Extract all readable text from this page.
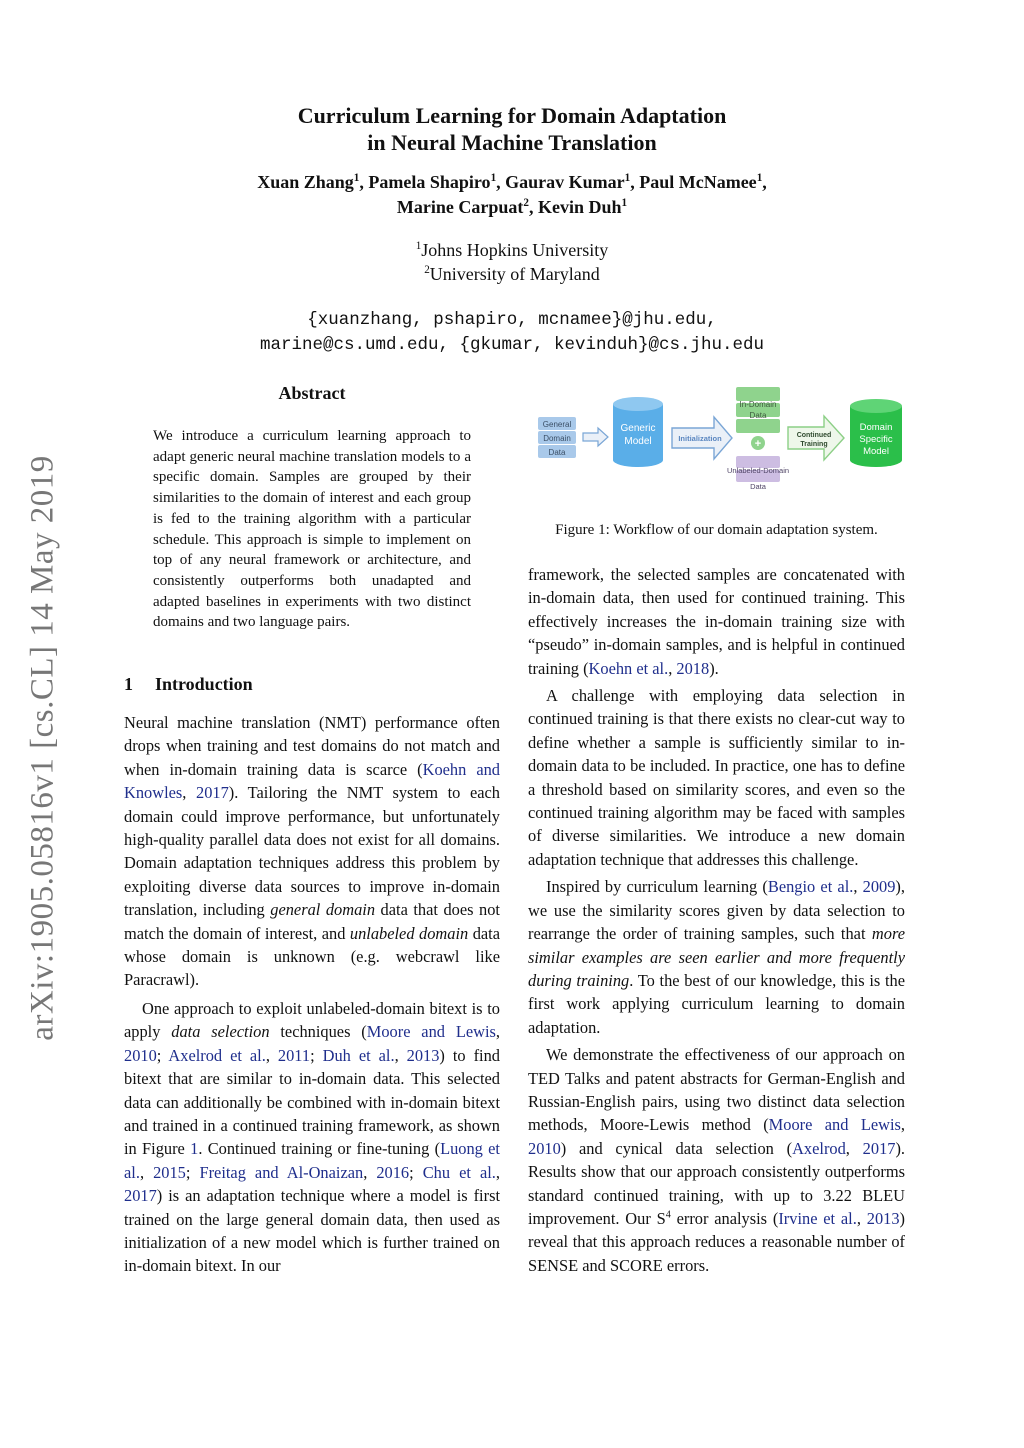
Curriculum Learning for Domain Adaptation
in Neural Machine Translation
Xuan Zhang$^1$, Pamela Shapiro$^1$, Gaurav Kumar$^1$, Paul McNamee$^1$,
Marine Carpuat$^2$, Kevin Duh$^1$
$^1$Johns Hopkins University
$^2$University of Maryland
{xuanzhang, pshapiro, mcnamee}@jhu.edu,
marine@cs.umd.edu, {gkumar, kevinduh}@cs.jhu.edu
arXiv:1905.05816v1 [cs.CL] 14 May 2019
Abstract
We introduce a curriculum learning approach to adapt generic neural machine translation models to a specific domain. Samples are grouped by their similarities to the domain of interest and each group is fed to the training algorithm with a particular schedule. This approach is simple to implement on top of any neural framework or architecture, and consistently outperforms both unadapted and adapted baselines in experiments with two distinct domains and two language pairs.
1 Introduction

Neural machine translation (NMT) performance often drops when training and test domains do not match and when in-domain training data is scarce (Koehn and Knowles, 2017). Tailoring the NMT system to each domain could improve performance, but unfortunately high-quality parallel data does not exist for all domains. Domain adaptation techniques address this problem by exploiting diverse data sources to improve in-domain translation, including general domain data that does not match the domain of interest, and unlabeled domain data whose domain is unknown (e.g. webcrawl like Paracrawl).

One approach to exploit unlabeled-domain bitext is to apply data selection techniques (Moore and Lewis, 2010; Axelrod et al., 2011; Duh et al., 2013) to find bitext that are similar to in-domain data. This selected data can additionally be combined with in-domain bitext and trained in a continued training framework, as shown in Figure 1. Continued training or fine-tuning (Luong et al., 2015; Freitag and Al-Onaizan, 2016; Chu et al., 2017) is an adaptation technique where a model is first trained on the large general domain data, then used as initialization of a new model which is further trained on in-domain bitext. In our

General
Domain
Data
Generic
Model	Initialization
In-Domain
Data
+
Unlabeled-Domain
Data
Continued
Training
Domain
Specific
Model
Figure 1: Workflow of our domain adaptation system.

framework, the selected samples are concatenated with in-domain data, then used for continued training. This effectively increases the in-domain training size with “pseudo” in-domain samples, and is helpful in continued training (Koehn et al., 2018).

A challenge with employing data selection in continued training is that there exists no clear-cut way to define whether a sample is sufficiently similar to in-domain data to be included. In practice, one has to define a threshold based on similarity scores, and even so the continued training algorithm may be faced with samples of diverse similarities. We introduce a new domain adaptation technique that addresses this challenge.

Inspired by curriculum learning (Bengio et al., 2009), we use the similarity scores given by data selection to rearrange the order of training samples, such that more similar examples are seen earlier and more frequently during training. To the best of our knowledge, this is the first work applying curriculum learning to domain adaptation.

We demonstrate the effectiveness of our approach on TED Talks and patent abstracts for German-English and Russian-English pairs, using two distinct data selection methods, Moore-Lewis method (Moore and Lewis, 2010) and cynical data selection (Axelrod, 2017). Results show that our approach consistently outperforms standard continued training, with up to 3.22 BLEU improvement. Our $S^4$ error analysis (Irvine et al., 2013) reveal that this approach reduces a reasonable number of SENSE and SCORE errors.
